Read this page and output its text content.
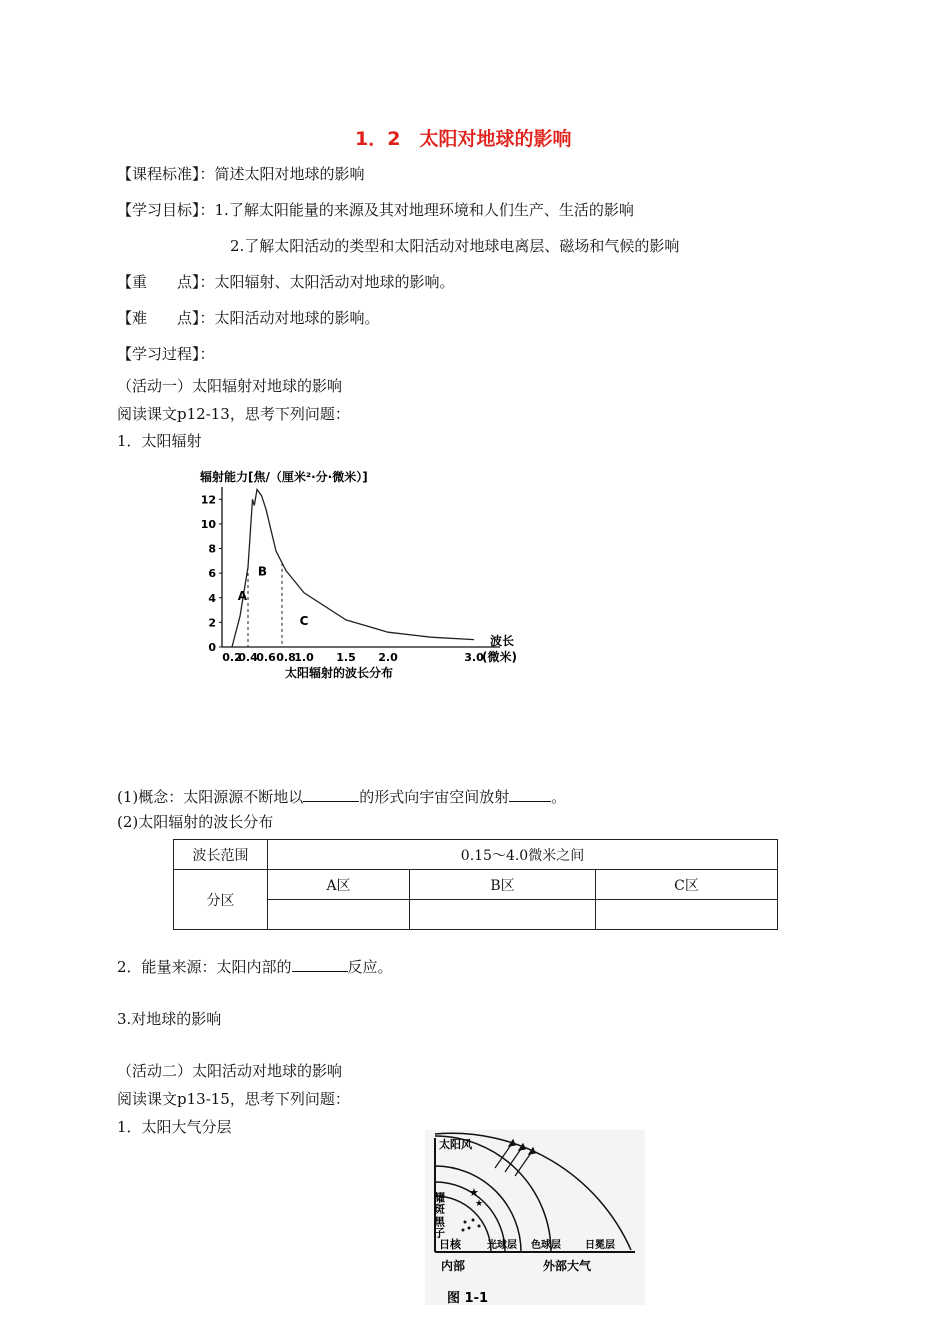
1．2　太阳对地球的影响
【课程标准】：简述太阳对地球的影响
【学习目标】：1.了解太阳能量的来源及其对地理环境和人们生产、生活的影响
2.了解太阳活动的类型和太阳活动对地球电离层、磁场和气候的影响
【重　　点】：太阳辐射、太阳活动对地球的影响。
【难　　点】：太阳活动对地球的影响。
【学习过程】：
（活动一）太阳辐射对地球的影响
阅读课文p12-13，思考下列问题：
1．太阳辐射
辐射能力[焦/（厘米²·分·微米）]
0
2
4
6
8
10
12
0.2
0.4
0.6 0.8
1.0 1.5 2.0	3.0
A
B
C
波长
(微米)
太阳辐射的波长分布
(1)概念：太阳源源不断地以	的形式向宇宙空间放射	。
(2)太阳辐射的波长分布
波长范围	0.15～4.0微米之间		
分区	A区	B区	C区

2．能量来源：太阳内部的	反应。
3.对地球的影响
（活动二）太阳活动对地球的影响
阅读课文p13-15，思考下列问题：
1．太阳大气分层
★
★
太阳风
耀斑
黑子
日核	光球层 色球层 日冕层
内部	外部大气
图 1-1
